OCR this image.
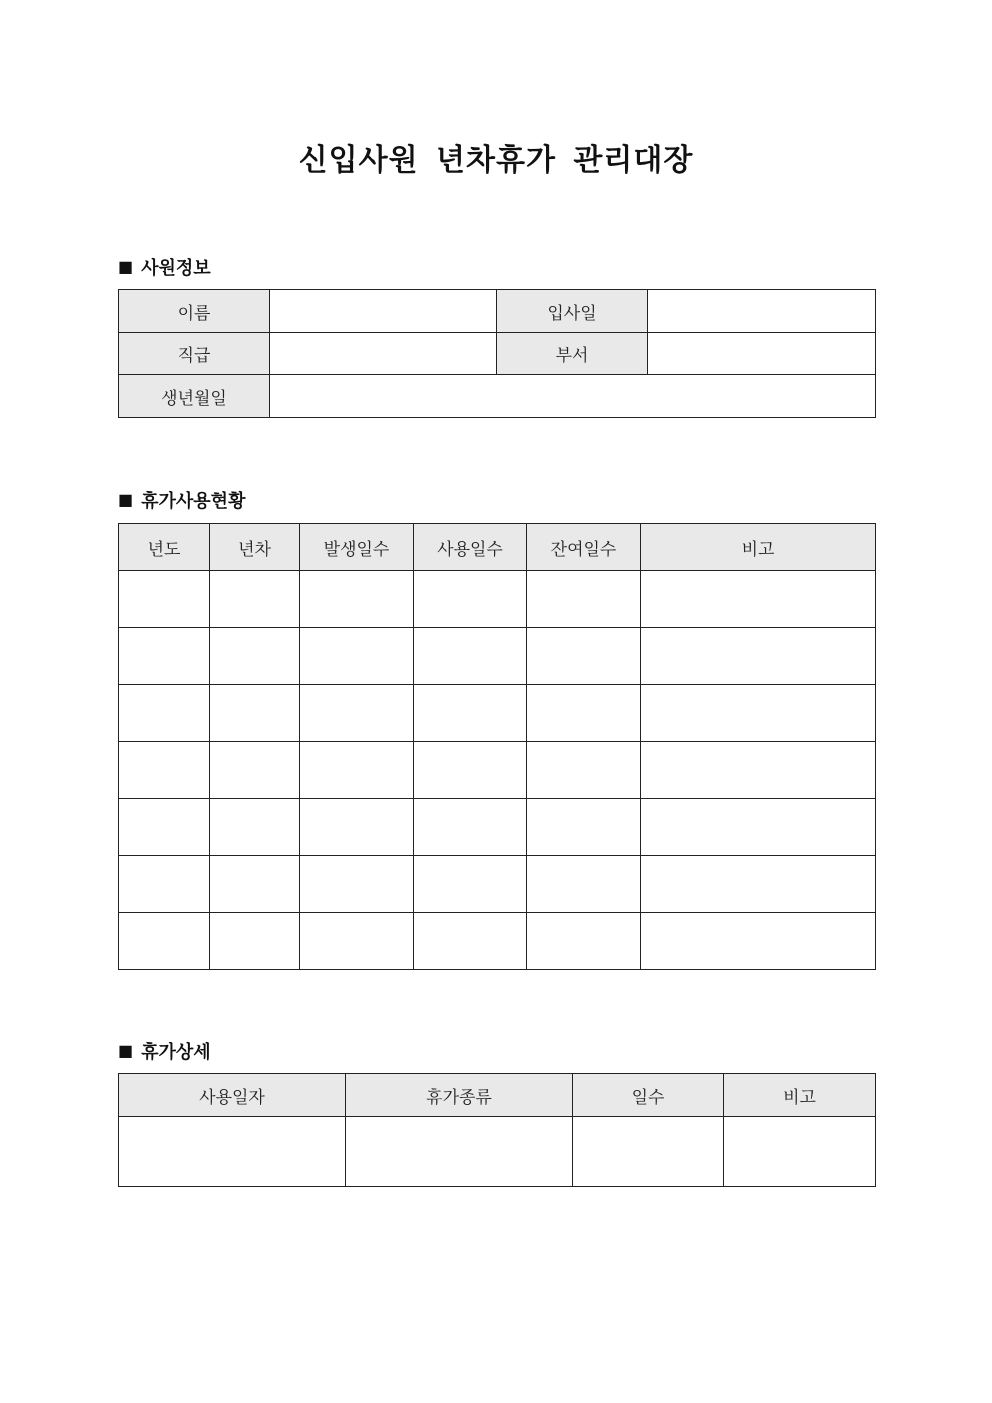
신입사원 년차휴가 관리대장
■ 사원정보
이름		입사일	
직급		부서	
생년월일			
■ 휴가사용현황
년도	년차	발생일수	사용일수	잔여일수	비고

■ 휴가상세
사용일자	휴가종류	일수	비고
